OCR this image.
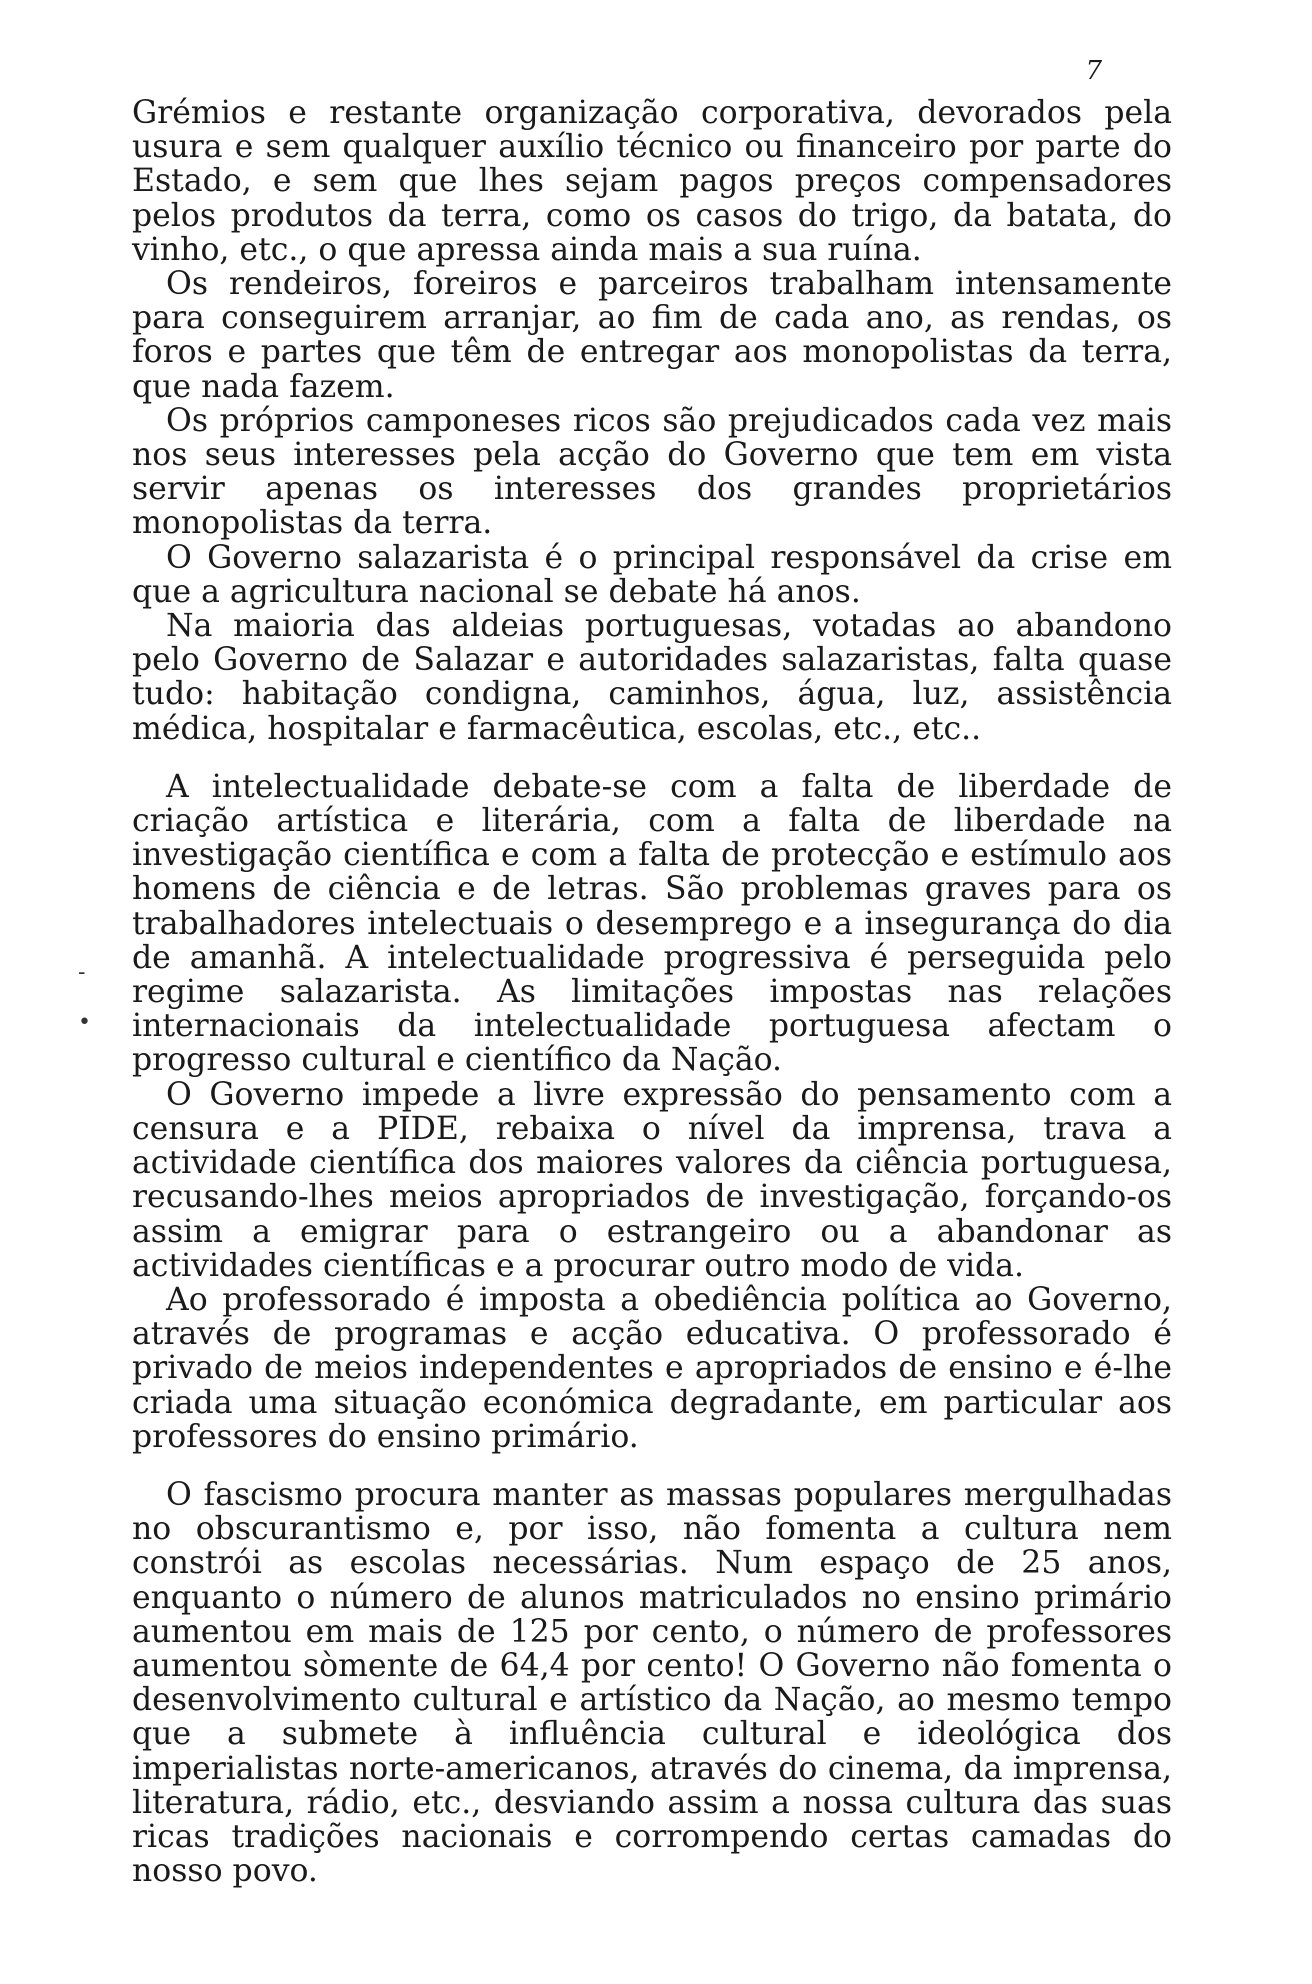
7
-
•

Grémios e restante organização corporativa, devorados pela usura e sem qualquer auxílio técnico ou financeiro por parte do Estado, e sem que lhes sejam pagos preços compensadores pelos produtos da terra, como os casos do trigo, da batata, do vinho, etc., o que apressa ainda mais a sua ruína.

Os rendeiros, foreiros e parceiros trabalham intensamente para conseguirem arranjar, ao fim de cada ano, as rendas, os foros e partes que têm de entregar aos monopolistas da terra, que nada fazem.

Os próprios camponeses ricos são prejudicados cada vez mais nos seus interesses pela acção do Governo que tem em vista servir apenas os interesses dos grandes proprietários monopolistas da terra.

O Governo salazarista é o principal responsável da crise em que a agricultura nacional se debate há anos.

Na maioria das aldeias portuguesas, votadas ao abandono pelo Governo de Salazar e autoridades salazaristas, falta quase tudo: habitação condigna, caminhos, água, luz, assistência médica, hospitalar e farmacêutica, escolas, etc., etc..

A intelectualidade debate-se com a falta de liberdade de criação artística e literária, com a falta de liberdade na investigação científica e com a falta de protecção e estímulo aos homens de ciência e de letras. São problemas graves para os trabalhadores intelectuais o desemprego e a insegurança do dia de amanhã. A intelectualidade progressiva é perseguida pelo regime salazarista. As limitações impostas nas relações internacionais da intelectualidade portuguesa afectam o progresso cultural e científico da Nação.

O Governo impede a livre expressão do pensamento com a censura e a PIDE, rebaixa o nível da imprensa, trava a actividade científica dos maiores valores da ciência portuguesa, recusando-lhes meios apropriados de investigação, forçando-os assim a emigrar para o estrangeiro ou a abandonar as actividades científicas e a procurar outro modo de vida.

Ao professorado é imposta a obediência política ao Governo, através de programas e acção educativa. O professorado é privado de meios independentes e apropriados de ensino e é-lhe criada uma situação económica degradante, em particular aos professores do ensino primário.

O fascismo procura manter as massas populares mergulhadas no obscurantismo e, por isso, não fomenta a cultura nem constrói as escolas necessárias. Num espaço de 25 anos, enquanto o número de alunos matriculados no ensino primário aumentou em mais de 125 por cento, o número de professores aumentou sòmente de 64,4 por cento! O Governo não fomenta o desenvolvimento cultural e artístico da Nação, ao mesmo tempo que a submete à influência cultural e ideológica dos imperialistas norte-americanos, através do cinema, da imprensa, literatura, rádio, etc., desviando assim a nossa cultura das suas ricas tradições nacionais e corrompendo certas camadas do nosso povo.
